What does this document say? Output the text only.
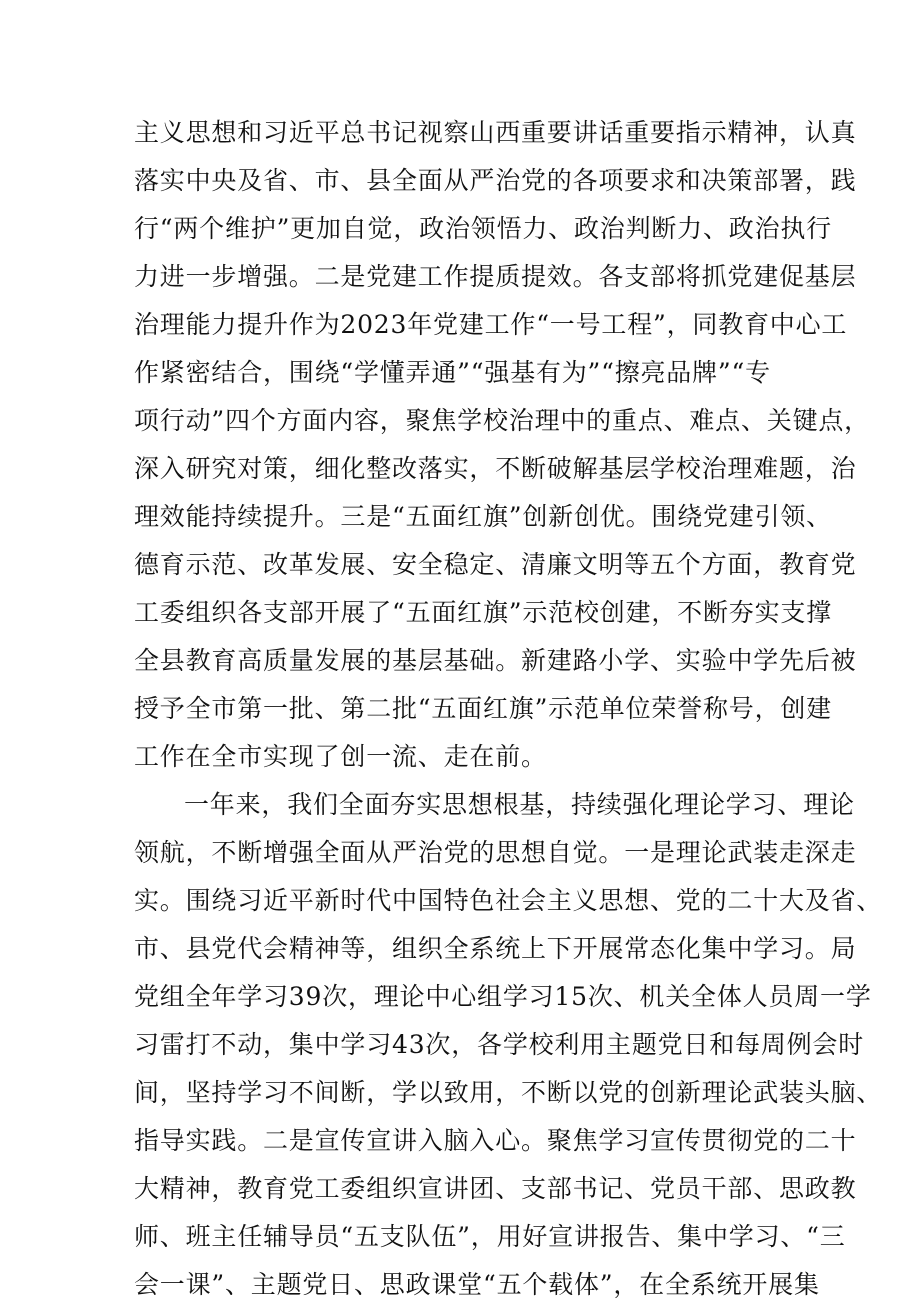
主义思想和习近平总书记视察山西重要讲话重要指示精神，认真
落实中央及省、市、县全面从严治党的各项要求和决策部署，践
行“两个维护”更加自觉，政治领悟力、政治判断力、政治执行
力进一步增强。二是党建工作提质提效。各支部将抓党建促基层
治理能力提升作为2023年党建工作“一号工程”，同教育中心工
作紧密结合，围绕“学懂弄通”“强基有为”“擦亮品牌”“专
项行动”四个方面内容，聚焦学校治理中的重点、难点、关键点，
深入研究对策，细化整改落实，不断破解基层学校治理难题，治
理效能持续提升。三是“五面红旗”创新创优。围绕党建引领、
德育示范、改革发展、安全稳定、清廉文明等五个方面，教育党
工委组织各支部开展了“五面红旗”示范校创建，不断夯实支撑
全县教育高质量发展的基层基础。新建路小学、实验中学先后被
授予全市第一批、第二批“五面红旗”示范单位荣誉称号，创建
工作在全市实现了创一流、走在前。
一年来，我们全面夯实思想根基，持续强化理论学习、理论
领航，不断增强全面从严治党的思想自觉。一是理论武装走深走
实。围绕习近平新时代中国特色社会主义思想、党的二十大及省、
市、县党代会精神等，组织全系统上下开展常态化集中学习。局
党组全年学习39次，理论中心组学习15次、机关全体人员周一学
习雷打不动，集中学习43次，各学校利用主题党日和每周例会时
间，坚持学习不间断，学以致用，不断以党的创新理论武装头脑、
指导实践。二是宣传宣讲入脑入心。聚焦学习宣传贯彻党的二十
大精神，教育党工委组织宣讲团、支部书记、党员干部、思政教
师、班主任辅导员“五支队伍”，用好宣讲报告、集中学习、“三
会一课”、主题党日、思政课堂“五个载体”，在全系统开展集
